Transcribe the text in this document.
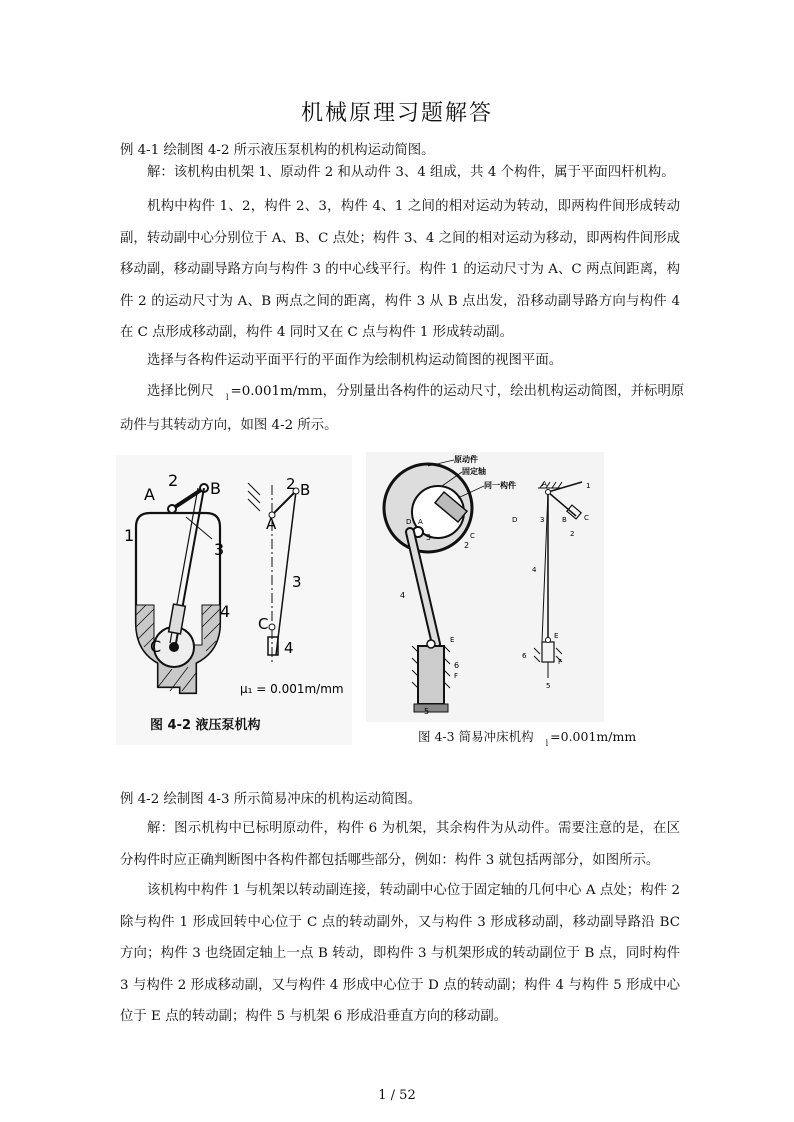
机械原理习题解答
例 4-1 绘制图 4-2 所示液压泵机构的机构运动简图。
解：该机构由机架 1、原动件 2 和从动件 3、4 组成，共 4 个构件，属于平面四杆机构。
机构中构件 1、2，构件 2、3，构件 4、1 之间的相对运动为转动，即两构件间形成转动副，转动副中心分别位于 A、B、C 点处；构件 3、4 之间的相对运动为移动，即两构件间形成移动副，移动副导路方向与构件 3 的中心线平行。构件 1 的运动尺寸为 A、C 两点间距离，构件 2 的运动尺寸为 A、B 两点之间的距离，构件 3 从 B 点出发，沿移动副导路方向与构件 4 在 C 点形成移动副，构件 4 同时又在 C 点与构件 1 形成转动副。
选择与各构件运动平面平行的平面作为绘制机构运动简图的视图平面。
选择比例尺 $_l$ =0.001m/mm，分别量出各构件的运动尺寸，绘出机构运动简图，并标明原
动件与其转动方向，如图 4-2 所示。
A
2 B
1
3
4
C
A
2 B
3
C
4
μ₁ = 0.001m/mm
图 4-2 液压泵机构
原动件
固定轴
同一构件
D A
3
2
C
4
E
6
F
5
1
A
D	3	C
2
B
4
E
6
F
5
图 4-3 简易冲床机构 $_l$ =0.001m/mm
例 4-2 绘制图 4-3 所示简易冲床的机构运动简图。
解：图示机构中已标明原动件，构件 6 为机架，其余构件为从动件。需要注意的是，在区分构件时应正确判断图中各构件都包括哪些部分，例如：构件 3 就包括两部分，如图所示。
该机构中构件 1 与机架以转动副连接，转动副中心位于固定轴的几何中心 A 点处；构件 2 除与构件 1 形成回转中心位于 C 点的转动副外，又与构件 3 形成移动副，移动副导路沿 BC 方向；构件 3 也绕固定轴上一点 B 转动，即构件 3 与机架形成的转动副位于 B 点，同时构件 3 与构件 2 形成移动副，又与构件 4 形成中心位于 D 点的转动副；构件 4 与构件 5 形成中心位于 E 点的转动副；构件 5 与机架 6 形成沿垂直方向的移动副。
1 / 52
